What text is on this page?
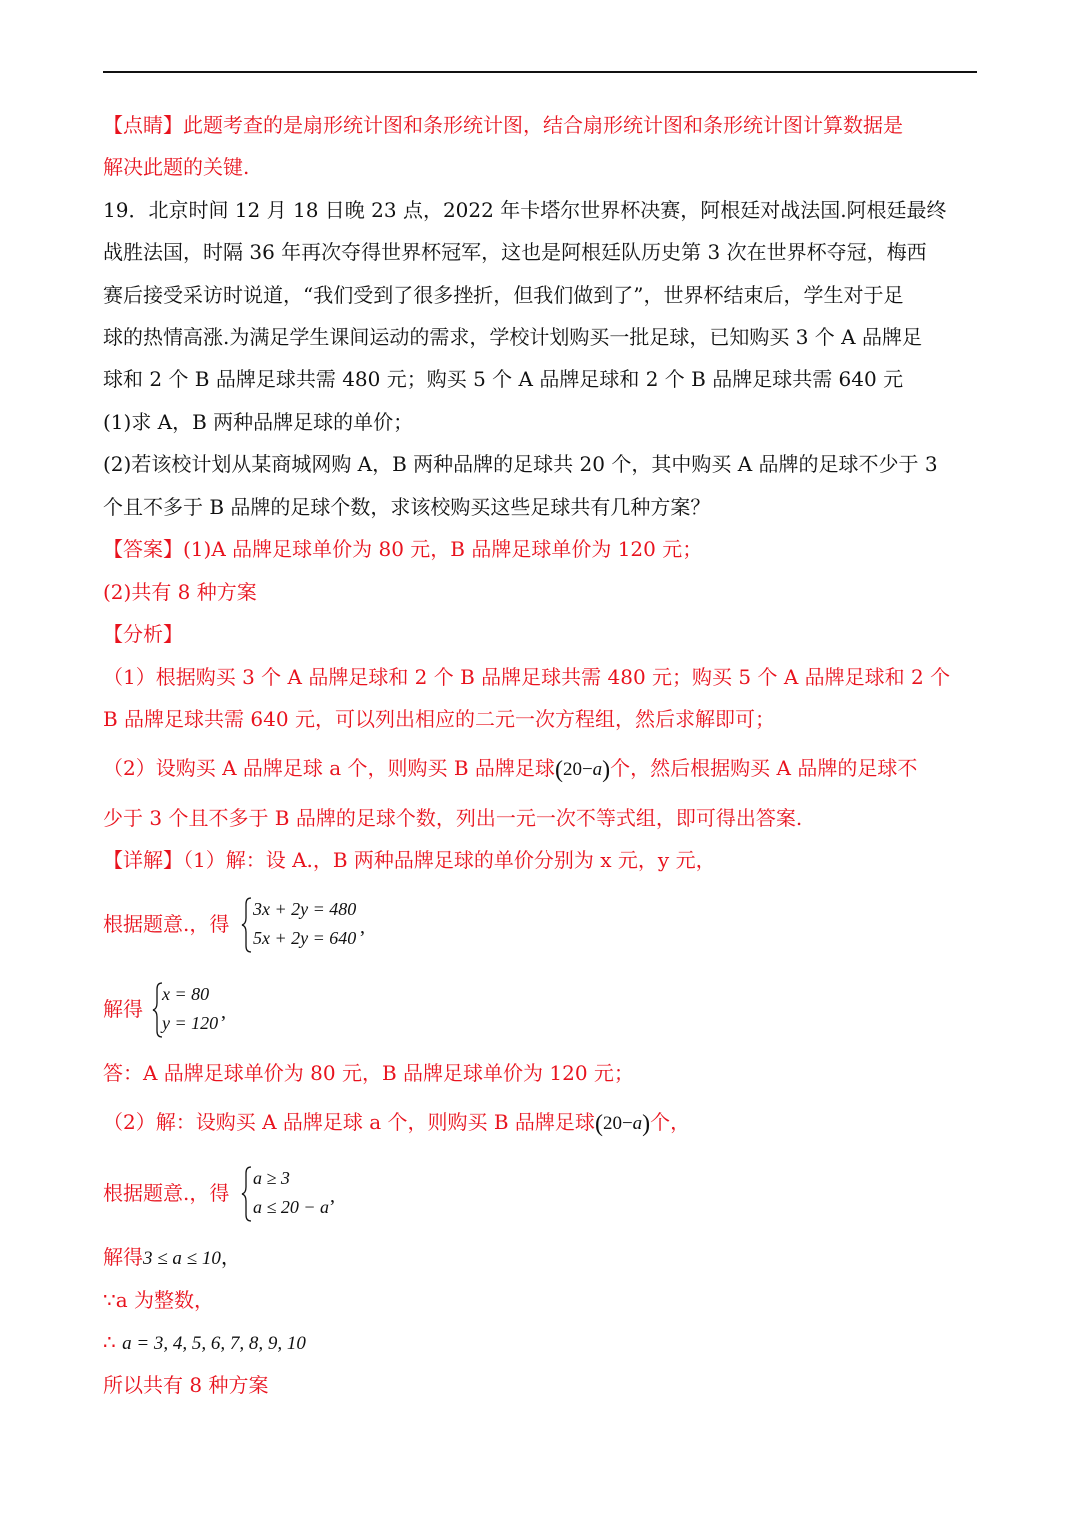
【点睛】此题考查的是扇形统计图和条形统计图，结合扇形统计图和条形统计图计算数据是
解决此题的关键.
19．北京时间 12 月 18 日晚 23 点，2022 年卡塔尔世界杯决赛，阿根廷对战法国.阿根廷最终
战胜法国，时隔 36 年再次夺得世界杯冠军，这也是阿根廷队历史第 3 次在世界杯夺冠，梅西
赛后接受采访时说道，“我们受到了很多挫折，但我们做到了”，世界杯结束后，学生对于足
球的热情高涨.为满足学生课间运动的需求，学校计划购买一批足球，已知购买 3 个 A 品牌足
球和 2 个 B 品牌足球共需 480 元；购买 5 个 A 品牌足球和 2 个 B 品牌足球共需 640 元
(1)求 A，B 两种品牌足球的单价；
(2)若该校计划从某商城网购 A，B 两种品牌的足球共 20 个，其中购买 A 品牌的足球不少于 3
个且不多于 B 品牌的足球个数，求该校购买这些足球共有几种方案？
【答案】(1)A 品牌足球单价为 80 元，B 品牌足球单价为 120 元；
(2)共有 8 种方案
【分析】
（1）根据购买 3 个 A 品牌足球和 2 个 B 品牌足球共需 480 元；购买 5 个 A 品牌足球和 2 个
B 品牌足球共需 640 元，可以列出相应的二元一次方程组，然后求解即可；
（2）设购买 A 品牌足球 a 个，则购买 B 品牌足球(20−a)个，然后根据购买 A 品牌的足球不
少于 3 个且不多于 B 品牌的足球个数，列出一元一次不等式组，即可得出答案.
【详解】（1）解：设 A.，B 两种品牌足球的单价分别为 x 元，y 元，
根据题意.，得
3x + 2y = 480
5x + 2y = 640 ,
解得
x = 80
y = 120 ,
答：A 品牌足球单价为 80 元，B 品牌足球单价为 120 元；
（2）解：设购买 A 品牌足球 a 个，则购买 B 品牌足球(20−a)个，
根据题意.，得
a ≥ 3
a ≤ 20 − a ,
解得3 ≤ a ≤ 10，
∵a 为整数，
∴ a = 3, 4, 5, 6, 7, 8, 9, 10
所以共有 8 种方案
